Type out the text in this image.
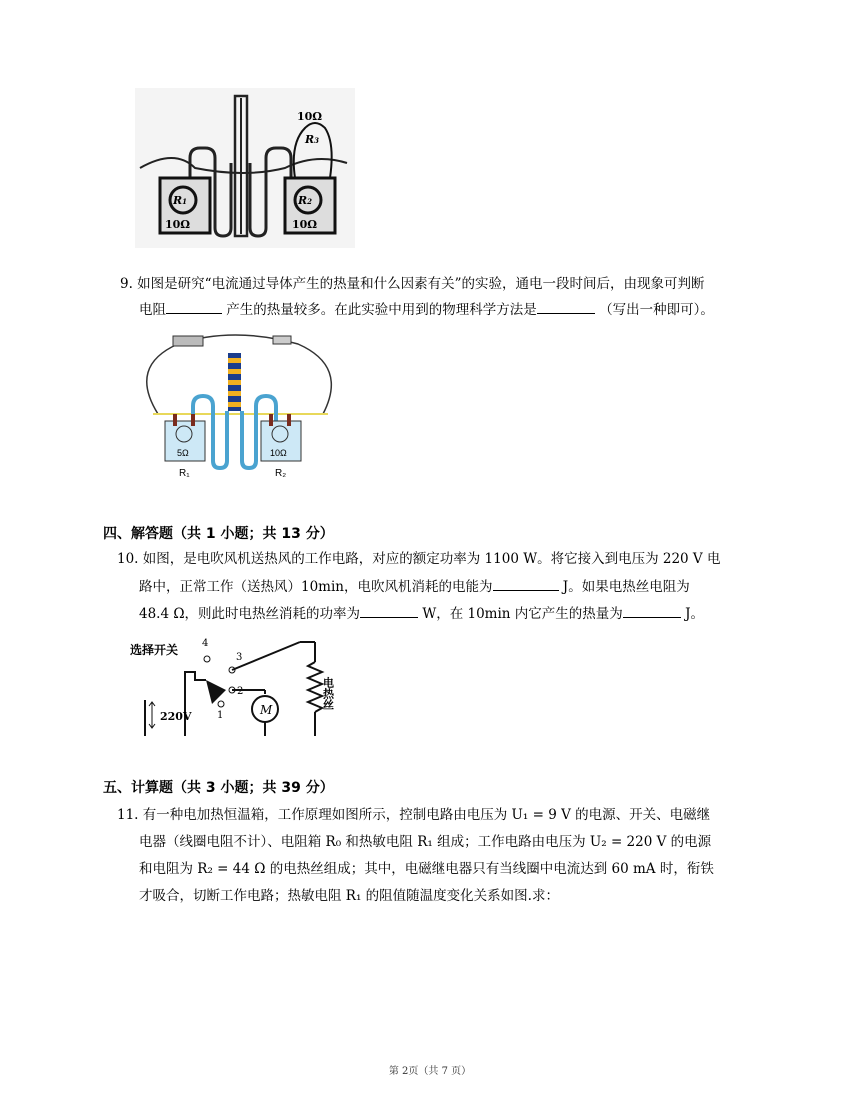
R1
10Ω
R2
10Ω
10Ω
R3
9. 如图是研究“电流通过导体产生的热量和什么因素有关”的实验，通电一段时间后，由现象可判断
电阻	产生的热量较多。在此实验中用到的物理科学方法是	（写出一种即可）。
5Ω	10Ω
R₁	R₂
四、解答题（共 1 小题；共 13 分）
10. 如图，是电吹风机送热风的工作电路，对应的额定功率为 1100 W。将它接入到电压为 220 V 电
路中，正常工作（送热风）10min，电吹风机消耗的电能为	J。如果电热丝电阻为
48.4 Ω，则此时电热丝消耗的功率为	W，在 10min 内它产生的热量为	J。
选择开关 4
3
2
1
电热丝
M
220V
五、计算题（共 3 小题；共 39 分）
11. 有一种电加热恒温箱，工作原理如图所示，控制电路由电压为 U₁ = 9 V 的电源、开关、电磁继
电器（线圈电阻不计）、电阻箱 R₀ 和热敏电阻 R₁ 组成；工作电路由电压为 U₂ = 220 V 的电源
和电阻为 R₂ = 44 Ω 的电热丝组成；其中，电磁继电器只有当线圈中电流达到 60 mA 时，衔铁
才吸合，切断工作电路；热敏电阻 R₁ 的阻值随温度变化关系如图.求：
第 2页（共 7 页）
